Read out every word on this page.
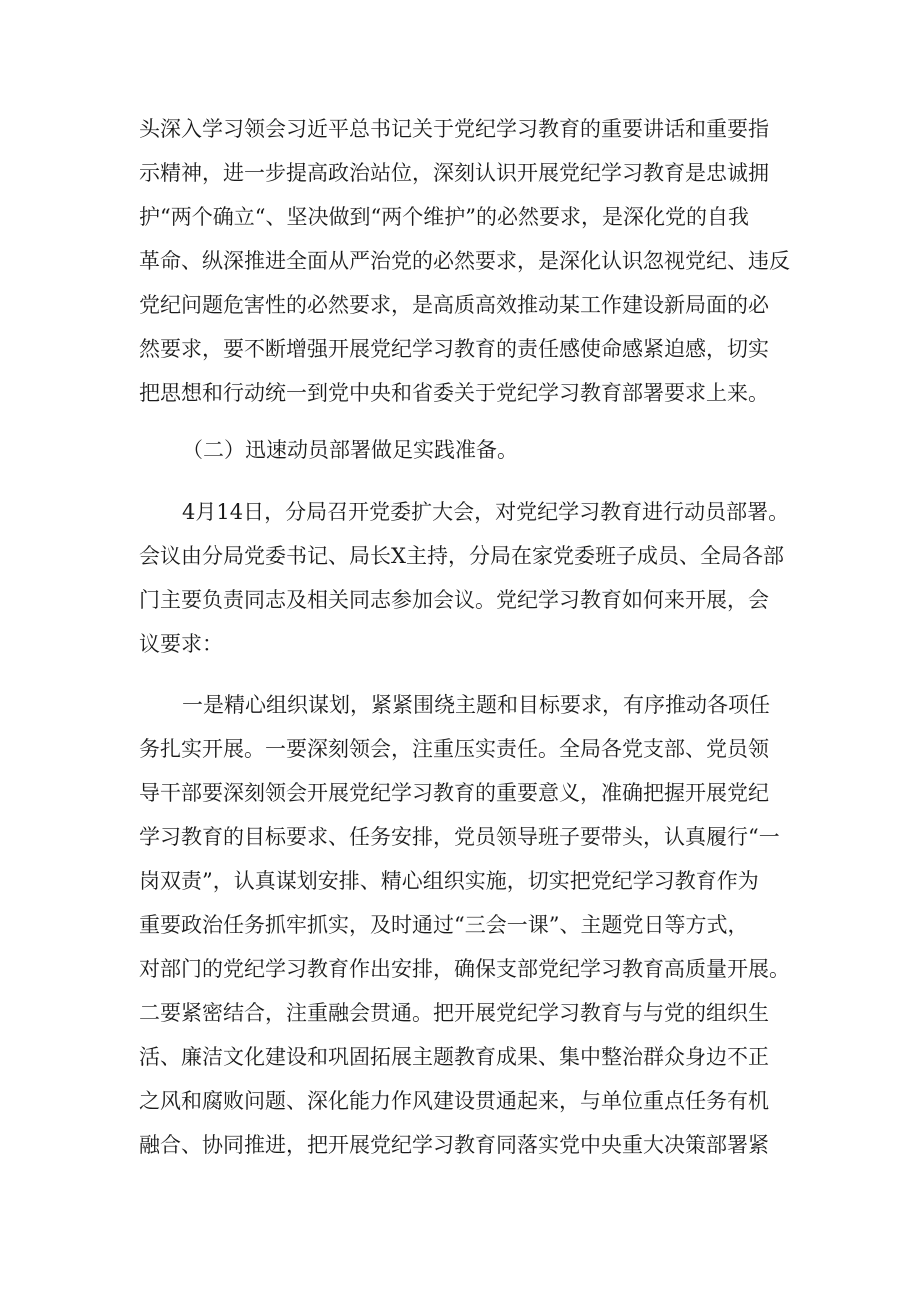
头深入学习领会习近平总书记关于党纪学习教育的重要讲话和重要指
示精神，进一步提高政治站位，深刻认识开展党纪学习教育是忠诚拥
护“两个确立“、坚决做到“两个维护”的必然要求，是深化党的自我
革命、纵深推进全面从严治党的必然要求，是深化认识忽视党纪、违反
党纪问题危害性的必然要求，是高质高效推动某工作建设新局面的必
然要求，要不断增强开展党纪学习教育的责任感使命感紧迫感，切实
把思想和行动统一到党中央和省委关于党纪学习教育部署要求上来。
（二）迅速动员部署做足实践准备。
4月14日，分局召开党委扩大会，对党纪学习教育进行动员部署。
会议由分局党委书记、局长X主持，分局在家党委班子成员、全局各部
门主要负责同志及相关同志参加会议。党纪学习教育如何来开展，会
议要求：
一是精心组织谋划，紧紧围绕主题和目标要求，有序推动各项任
务扎实开展。一要深刻领会，注重压实责任。全局各党支部、党员领
导干部要深刻领会开展党纪学习教育的重要意义，准确把握开展党纪
学习教育的目标要求、任务安排，党员领导班子要带头，认真履行“一
岗双责”，认真谋划安排、精心组织实施，切实把党纪学习教育作为
重要政治任务抓牢抓实，及时通过“三会一课”、主题党日等方式，
对部门的党纪学习教育作出安排，确保支部党纪学习教育高质量开展。
二要紧密结合，注重融会贯通。把开展党纪学习教育与与党的组织生
活、廉洁文化建设和巩固拓展主题教育成果、集中整治群众身边不正
之风和腐败问题、深化能力作风建设贯通起来，与单位重点任务有机
融合、协同推进，把开展党纪学习教育同落实党中央重大决策部署紧
